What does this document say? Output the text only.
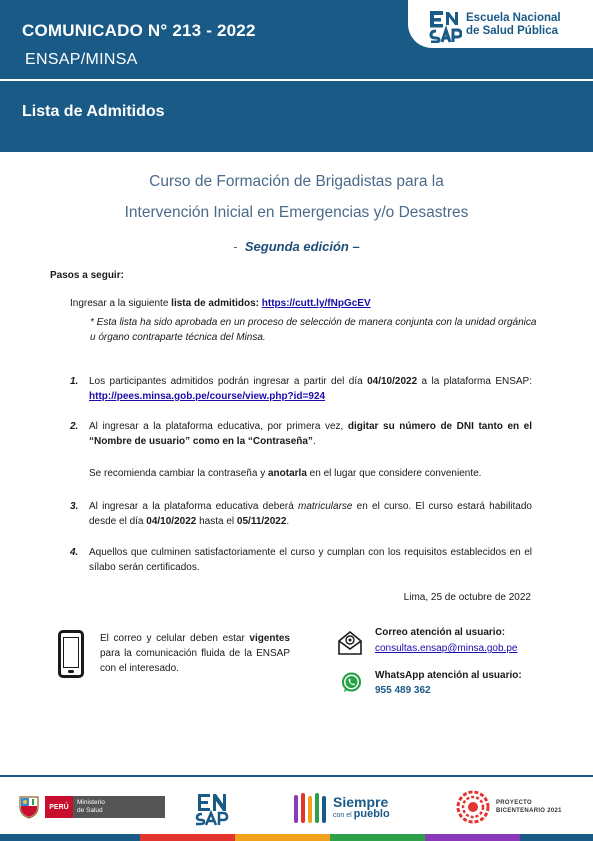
COMUNICADO N° 213 - 2022
ENSAP/MINSA
Lista de Admitidos
Escuela Nacional
de Salud Pública
Curso de Formación de Brigadistas para la
Intervención Inicial en Emergencias y/o Desastres
- Segunda edición –
Pasos a seguir:
Ingresar a la siguiente lista de admitidos: https://cutt.ly/fNpGcEV
* Esta lista ha sido aprobada en un proceso de selección de manera conjunta con la unidad orgánica u órgano contraparte técnica del Minsa.
1. Los participantes admitidos podrán ingresar a partir del día 04/10/2022 a la plataforma ENSAP: http://pees.minsa.gob.pe/course/view.php?id=924
2. Al ingresar a la plataforma educativa, por primera vez, digitar su número de DNI tanto en el “Nombre de usuario” como en la “Contraseña”.
Se recomienda cambiar la contraseña y anotarla en el lugar que considere conveniente.
3. Al ingresar a la plataforma educativa deberá matricularse en el curso. El curso estará habilitado desde el día 04/10/2022 hasta el 05/11/2022.
4. Aquellos que culminen satisfactoriamente el curso y cumplan con los requisitos establecidos en el sílabo serán certificados.
Lima, 25 de octubre de 2022
El correo y celular deben estar vigentes para la comunicación fluida de la ENSAP con el interesado.
Correo atención al usuario:
consultas.ensap@minsa.gob.pe
WhatsApp atención al usuario:
955 489 362
PERÚ
Ministerio
de Salud
Siempre
con el pueblo
PROYECTO
BICENTENARIO 2021
